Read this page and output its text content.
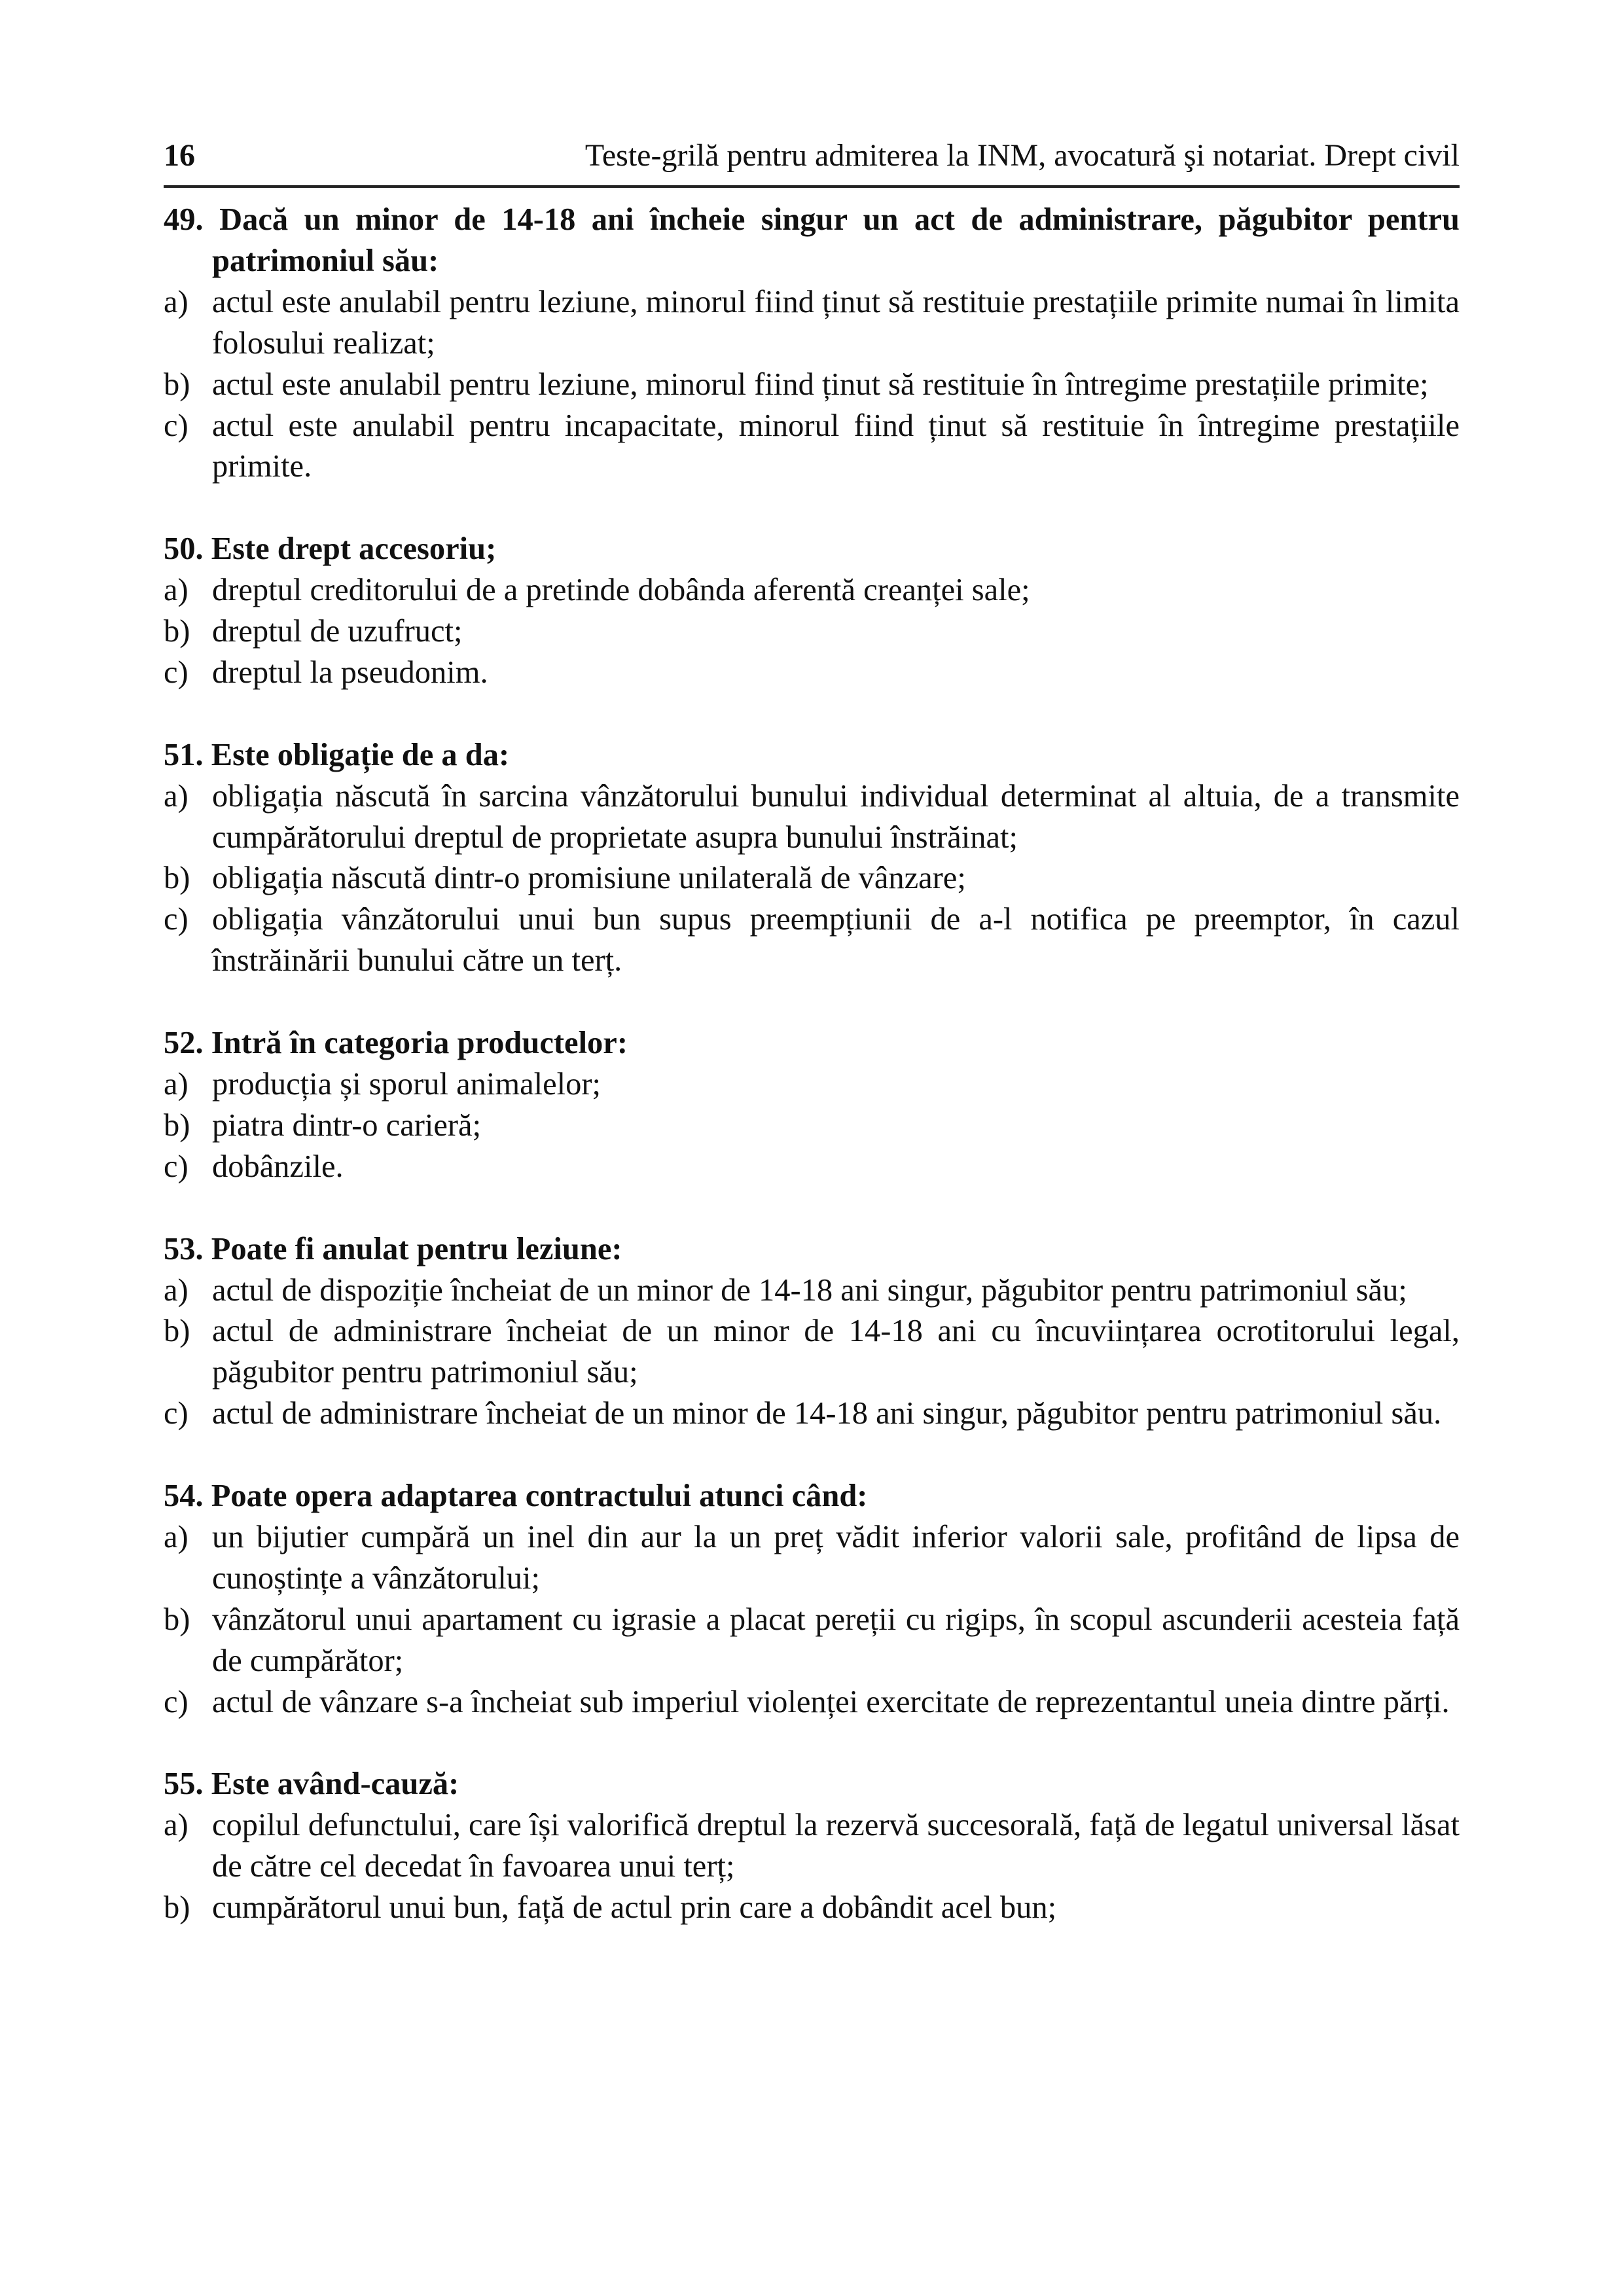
16	Teste-grilă pentru admiterea la INM, avocatură şi notariat. Drept civil
49. Dacă un minor de 14-18 ani încheie singur un act de administrare, păgubitor pentru patrimoniul său:
a) actul este anulabil pentru leziune, minorul fiind ținut să restituie prestațiile primite numai în limita folosului realizat;
b) actul este anulabil pentru leziune, minorul fiind ținut să restituie în întregime prestațiile primite;
c) actul este anulabil pentru incapacitate, minorul fiind ținut să restituie în întregime prestațiile primite.
50. Este drept accesoriu;
a) dreptul creditorului de a pretinde dobânda aferentă creanței sale;
b) dreptul de uzufruct;
c) dreptul la pseudonim.
51. Este obligație de a da:
a) obligația născută în sarcina vânzătorului bunului individual determinat al altuia, de a transmite cumpărătorului dreptul de proprietate asupra bunului înstrăinat;
b) obligația născută dintr-o promisiune unilaterală de vânzare;
c) obligația vânzătorului unui bun supus preempțiunii de a-l notifica pe preemptor, în cazul înstrăinării bunului către un terț.
52. Intră în categoria productelor:
a) producția și sporul animalelor;
b) piatra dintr-o carieră;
c) dobânzile.
53. Poate fi anulat pentru leziune:
a) actul de dispoziție încheiat de un minor de 14-18 ani singur, păgubitor pentru patrimoniul său;
b) actul de administrare încheiat de un minor de 14-18 ani cu încuviințarea ocrotitorului legal, păgubitor pentru patrimoniul său;
c) actul de administrare încheiat de un minor de 14-18 ani singur, păgubitor pentru patrimoniul său.
54. Poate opera adaptarea contractului atunci când:
a) un bijutier cumpără un inel din aur la un preț vădit inferior valorii sale, profitând de lipsa de cunoștințe a vânzătorului;
b) vânzătorul unui apartament cu igrasie a placat pereții cu rigips, în scopul ascunderii acesteia față de cumpărător;
c) actul de vânzare s-a încheiat sub imperiul violenței exercitate de reprezentantul uneia dintre părți.
55. Este având-cauză:
a) copilul defunctului, care își valorifică dreptul la rezervă succesorală, față de legatul universal lăsat de către cel decedat în favoarea unui terț;
b) cumpărătorul unui bun, față de actul prin care a dobândit acel bun;
